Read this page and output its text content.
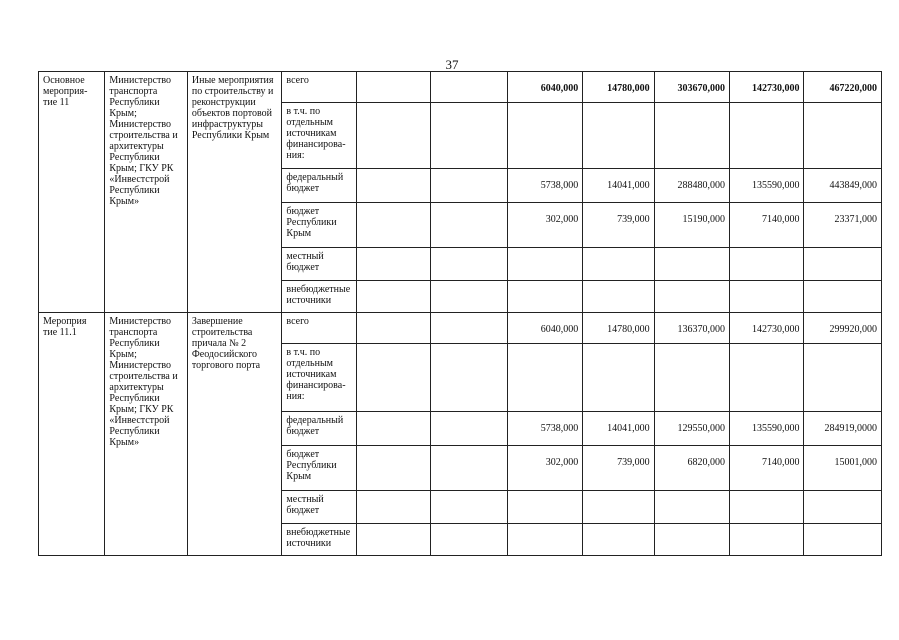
37
Основное мероприя-тие 11	Министерство транспорта Республики Крым; Министерство строительства и архитектуры Республики Крым; ГКУ РК «Инвестстрой Республики Крым»	Иные мероприятия по строительству и реконструкции объектов портовой инфраструктуры Республики Крым	всего			6040,000	14780,000	303670,000	142730,000	467220,000

			в т.ч. по отдельным источникам финансирова-ния:			

			федеральный бюджет			5738,000	14041,000	288480,000	135590,000	443849,000

			бюджет Республики Крым			302,000	739,000	15190,000	7140,000	23371,000

			местный бюджет			

			внебюджетные источники			

Мероприя тие 11.1	Министерство транспорта Республики Крым; Министерство строительства и архитектуры Республики Крым; ГКУ РК «Инвестстрой Республики Крым»	Завершение строительства причала № 2 Феодосийского торгового порта	всего			6040,000	14780,000	136370,000	142730,000	299920,000

			в т.ч. по отдельным источникам финансирова-ния:			

			федеральный бюджет			5738,000	14041,000	129550,000	135590,000	284919,0000

			бюджет Республики Крым			302,000	739,000	6820,000	7140,000	15001,000

			местный бюджет			

			внебюджетные источники			
